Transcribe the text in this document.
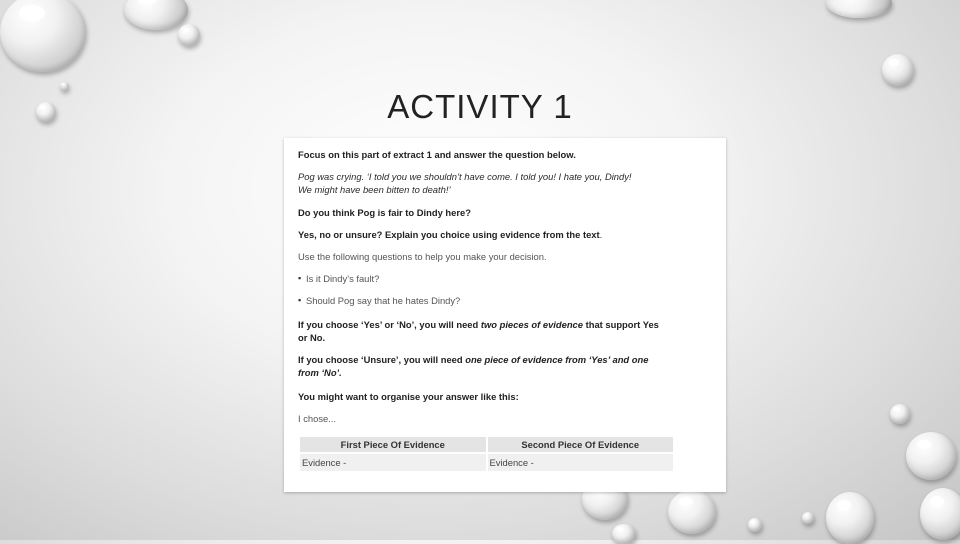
ACTIVITY 1
Focus on this part of extract 1 and answer the question below.
Pog was crying. ‘I told you we shouldn’t have come. I told you! I hate you, Dindy!
We might have been bitten to death!’
Do you think Pog is fair to Dindy here?
Yes, no or unsure? Explain you choice using evidence from the text.
Use the following questions to help you make your decision.
▪ Is it Dindy’s fault?
▪ Should Pog say that he hates Dindy?
If you choose ‘Yes’ or ‘No’, you will need two pieces of evidence that support Yes
or No.
If you choose ‘Unsure’, you will need one piece of evidence from ‘Yes’ and one
from ‘No’.
You might want to organise your answer like this:
I chose...
First Piece Of Evidence	Second Piece Of Evidence
Evidence -	Evidence -
